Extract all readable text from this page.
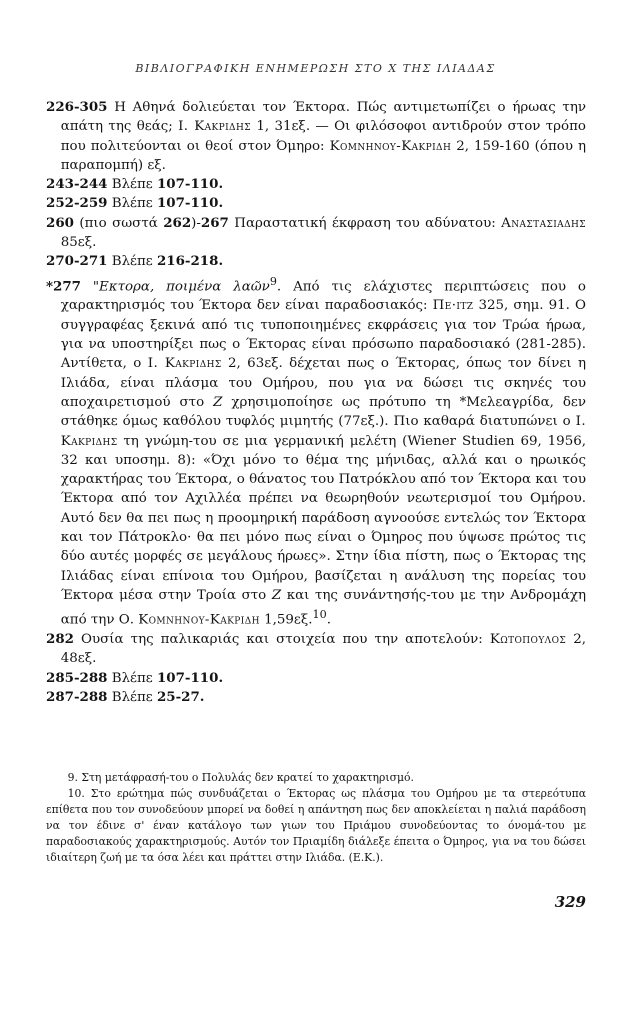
ΒΙΒΛΙΟΓΡΑΦΙΚΗ ΕΝΗΜΕΡΩΣΗ ΣΤΟ Χ ΤΗΣ ΙΛΙΑΔΑΣ

226-305 Η Αθηνά δολιεύεται τον Έκτορα. Πώς αντιμετωπίζει ο ήρωας την απάτη της θεάς; Ι. Κακριδης 1, 31εξ. — Οι φιλόσοφοι αντιδρούν στον τρόπο που πολιτεύονται οι θεοί στον Όμηρο: Κομνηνου-Κακριδη 2, 159-160 (όπου η παραπομπή) εξ.

243-244 Βλέπε 107-110.

252-259 Βλέπε 107-110.

260 (πιο σωστά 262)-267 Παραστατική έκφραση του αδύνατου: Αναστασιαδης 85εξ.

270-271 Βλέπε 216-218.

*277 "Εκτορα, ποιμένα λαῶν$^9$. Από τις ελάχιστες περιπτώσεις που ο χαρακτηρισμός του Έκτορα δεν είναι παραδοσιακός: Πε·ιτz 325, σημ. 91. Ο συγγραφέας ξεκινά από τις τυποποιημένες εκφράσεις για τον Τρώα ήρωα, για να υποστηρίξει πως ο Έκτορας είναι πρόσωπο παραδοσιακό (281-285). Αντίθετα, ο Ι. Κακριδης 2, 63εξ. δέχεται πως ο Έκτορας, όπως τον δίνει η Ιλιάδα, είναι πλάσμα του Ομήρου, που για να δώσει τις σκηνές του αποχαιρετισμού στο Ζ χρησιμοποίησε ως πρότυπο τη *Μελεαγρίδα, δεν στάθηκε όμως καθόλου τυφλός μιμητής (77εξ.). Πιο καθαρά διατυπώνει ο Ι. Κακριδης τη γνώμη-του σε μια γερμανική μελέτη (Wiener Studien 69, 1956, 32 και υποσημ. 8): «Όχι μόνο το θέμα της μήνιδας, αλλά και ο ηρωικός χαρακτήρας του Έκτορα, ο θάνατος του Πατρόκλου από τον Έκτορα και του Έκτορα από τον Αχιλλέα πρέπει να θεωρηθούν νεωτερισμοί του Ομήρου. Αυτό δεν θα πει πως η προομηρική παράδοση αγνοούσε εντελώς τον Έκτορα και τον Πάτροκλο· θα πει μόνο πως είναι ο Όμηρος που ύψωσε πρώτος τις δύο αυτές μορφές σε μεγάλους ήρωες». Στην ίδια πίστη, πως ο Έκτορας της Ιλιάδας είναι επίνοια του Ομήρου, βασίζεται η ανάλυση της πορείας του Έκτορα μέσα στην Τροία στο Ζ και της συνάντησής-του με την Ανδρομάχη από την Ο. Κομνηνου-Κακριδη 1,59εξ.$^{10}$.

282 Ουσία της παλικαριάς και στοιχεία που την αποτελούν: Κωτοπουλος 2, 48εξ.

285-288 Βλέπε 107-110.

287-288 Βλέπε 25-27.

9. Στη μετάφρασή-του ο Πολυλάς δεν κρατεί το χαρακτηρισμό.

10. Στο ερώτημα πώς συνδυάζεται ο Έκτορας ως πλάσμα του Ομήρου με τα στερεότυπα επίθετα που τον συνοδεύουν μπορεί να δοθεί η απάντηση πως δεν αποκλείεται η παλιά παράδοση να τον έδινε σ' έναν κατάλογο των γιων του Πριάμου συνοδεύοντας το όνομά-του με παραδοσιακούς χαρακτηρισμούς. Αυτόν τον Πριαμίδη διάλεξε έπειτα ο Όμηρος, για να του δώσει ιδιαίτερη ζωή με τα όσα λέει και πράττει στην Ιλιάδα. (Ε.Κ.).

329
